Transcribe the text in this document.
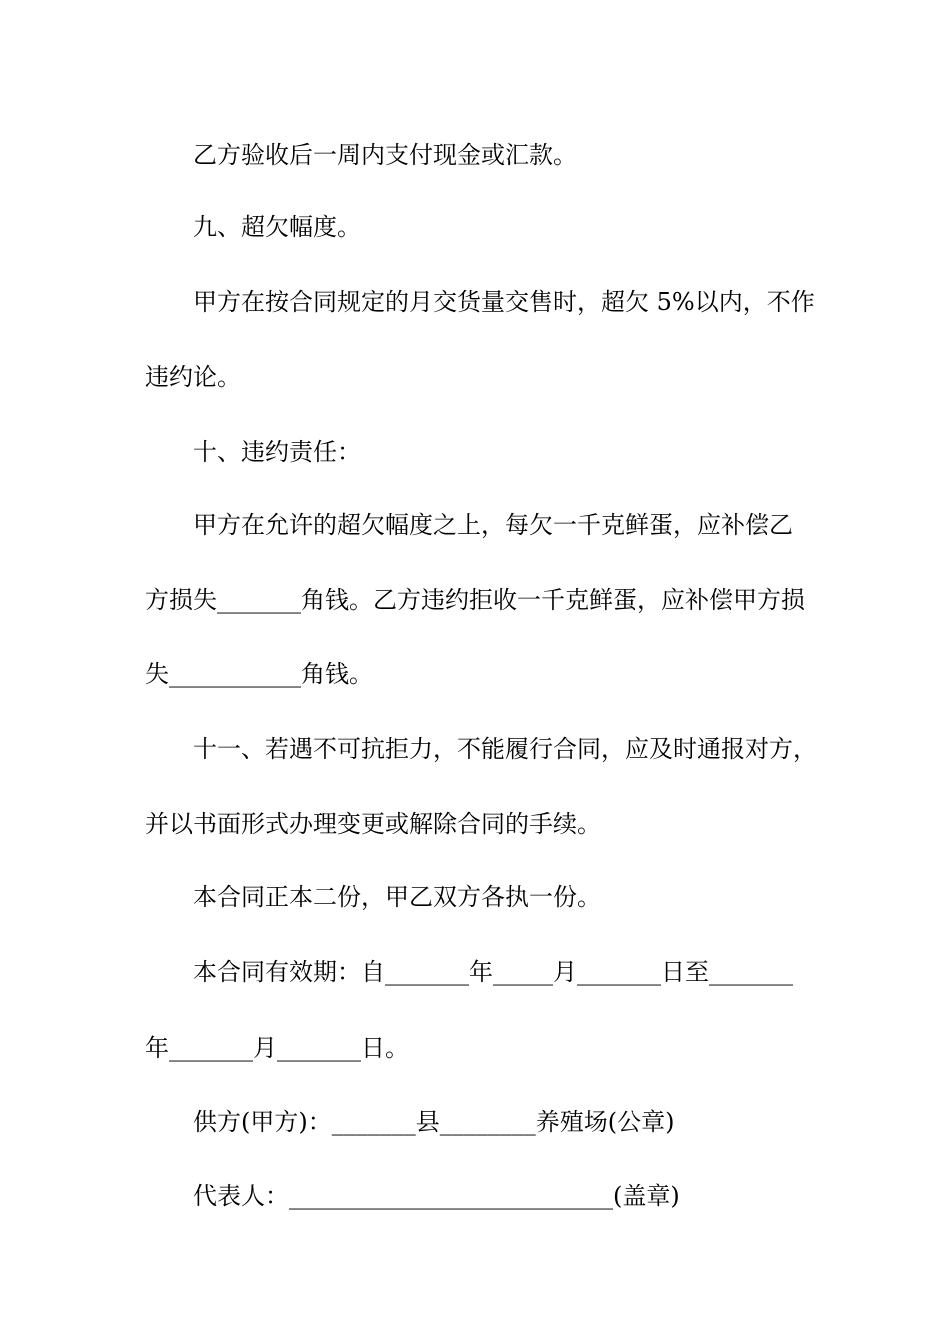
乙方验收后一周内支付现金或汇款。
九、超欠幅度。
甲方在按合同规定的月交货量交售时，超欠 5%以内，不作
违约论。
十、违约责任：
甲方在允许的超欠幅度之上，每欠一千克鲜蛋，应补偿乙
方损失_______角钱。乙方违约拒收一千克鲜蛋，应补偿甲方损
失___________角钱。
十一、若遇不可抗拒力，不能履行合同，应及时通报对方，
并以书面形式办理变更或解除合同的手续。
本合同正本二份，甲乙双方各执一份。
本合同有效期：自_______年_____月_______日至_______
年_______月_______日。
供方(甲方)：_______县________养殖场(公章)
代表人：___________________________(盖章)
